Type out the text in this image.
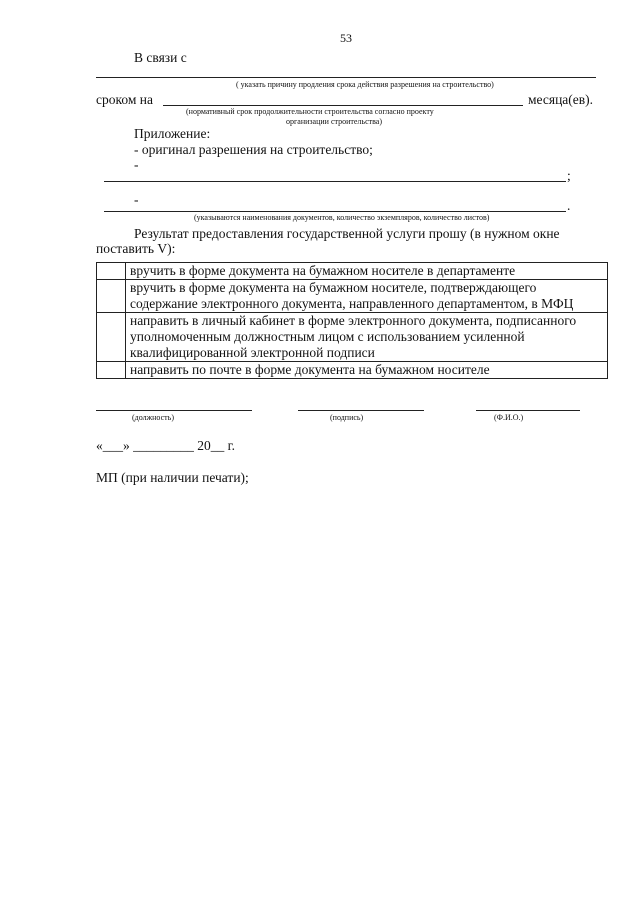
53
В связи с
( указать причину продления срока действия разрешения на строительство)
сроком на	месяца(ев).
(нормативный срок продолжительности строительства согласно проекту
организации строительства)
Приложение:
- оригинал разрешения на строительство;
-
;
-	.
(указываются наименования документов, количество экземпляров, количество листов)
Результат предоставления государственной услуги прошу (в нужном окне
поставить V):
	вручить в форме документа на бумажном носителе в департаменте
	вручить в форме документа на бумажном носителе, подтверждающего содержание электронного документа, направленного департаментом, в МФЦ
	направить в личный кабинет в форме электронного документа, подписанного уполномоченным должностным лицом с использованием усиленной квалифицированной электронной подписи
	направить по почте в форме документа на бумажном носителе
(должность)	(подпись)	(Ф.И.О.)
«___» _________ 20__ г.
МП (при наличии печати);
